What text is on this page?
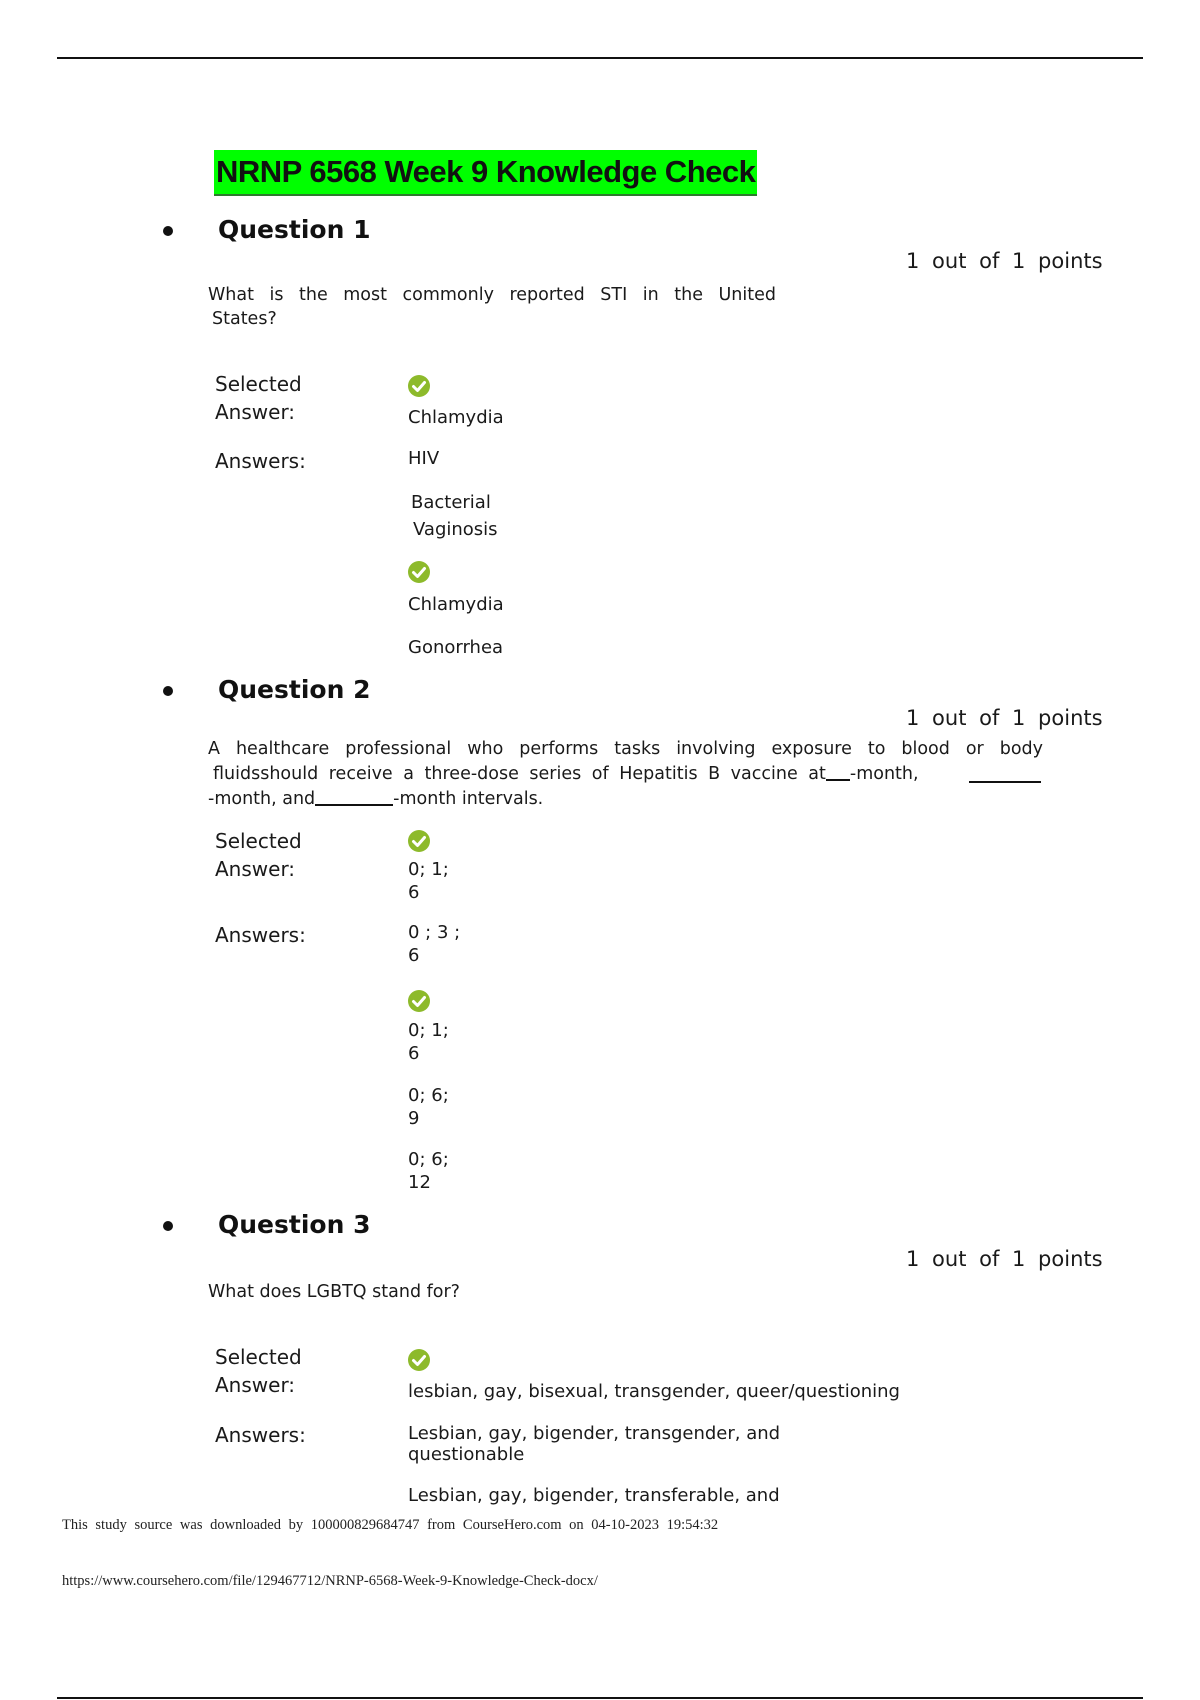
NRNP 6568 Week 9 Knowledge Check
Question 1
1 out of 1 points
What is the most commonly reported STI in the United
States?
Selected
Answer:	Chlamydia
Answers:	HIV
Bacterial
Vaginosis
Chlamydia
Gonorrhea
Question 2
1 out of 1 points
A healthcare professional who performs tasks involving exposure to blood or body
fluidsshould receive a three-dose series of Hepatitis B vaccine at -month,
-month, and	-month intervals.
Selected
Answer:	0; 1;
6
Answers:	0 ; 3 ;
6
0; 1;
6
0; 6;
9
0; 6;
12
Question 3
1 out of 1 points
What does LGBTQ stand for?
Selected
Answer:	lesbian, gay, bisexual, transgender, queer/questioning
Answers:	Lesbian, gay, bigender, transgender, and
questionable
Lesbian, gay, bigender, transferable, and
This study source was downloaded by 100000829684747 from CourseHero.com on 04-10-2023 19:54:32
https://www.coursehero.com/file/129467712/NRNP-6568-Week-9-Knowledge-Check-docx/
